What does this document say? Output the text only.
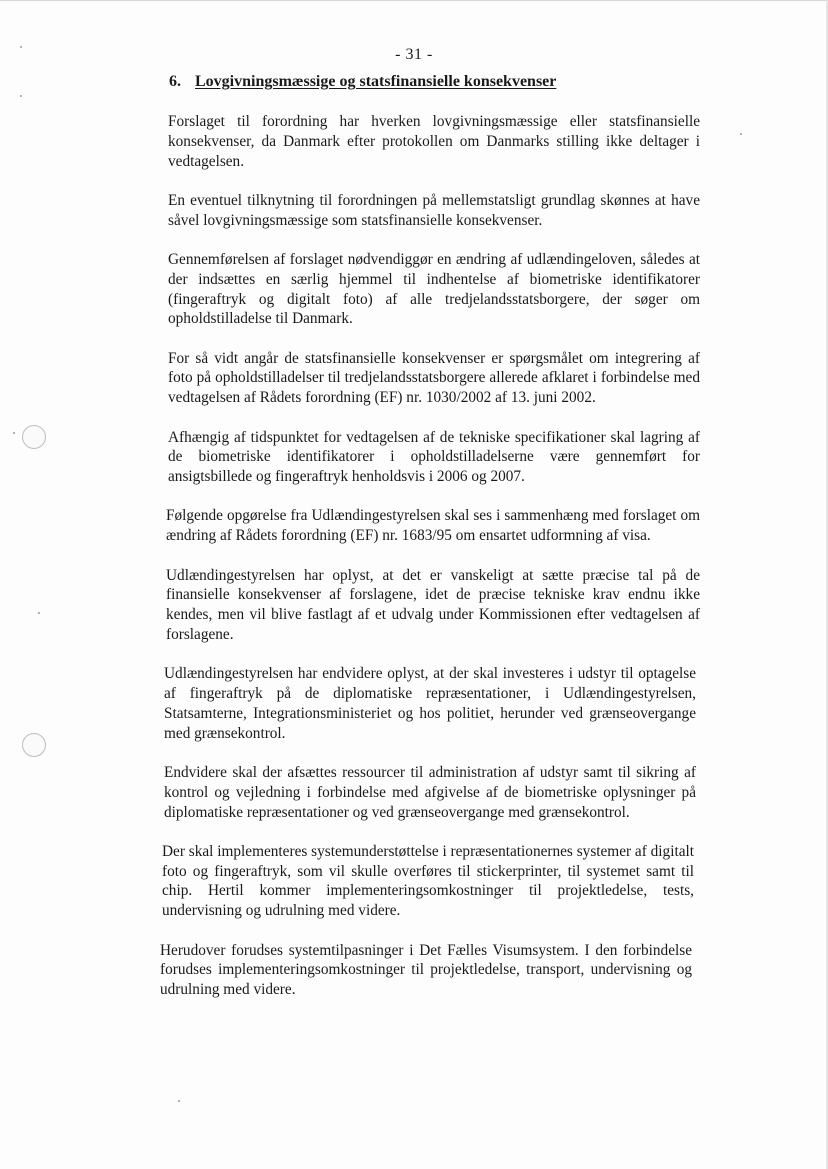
- 31 -
6. Lovgivningsmæssige og statsfinansielle konsekvenser

Forslaget til forordning har hverken lovgivningsmæssige eller statsfinansielle konsekvenser, da Danmark efter protokollen om Danmarks stilling ikke deltager i vedtagelsen.

En eventuel tilknytning til forordningen på mellemstatsligt grundlag skønnes at have såvel lovgivningsmæssige som statsfinansielle konsekvenser.

Gennemførelsen af forslaget nødvendiggør en ændring af udlændingeloven, således at der indsættes en særlig hjemmel til indhentelse af biometriske identifikatorer (fingeraftryk og digitalt foto) af alle tredjelandsstatsborgere, der søger om opholdstilladelse til Danmark.

For så vidt angår de statsfinansielle konsekvenser er spørgsmålet om integrering af foto på opholdstilladelser til tredjelandsstatsborgere allerede afklaret i forbindelse med vedtagelsen af Rådets forordning (EF) nr. 1030/2002 af 13. juni 2002.

Afhængig af tidspunktet for vedtagelsen af de tekniske specifikationer skal lagring af de biometriske identifikatorer i opholdstilladelserne være gennemført for ansigtsbillede og fingeraftryk henholdsvis i 2006 og 2007.

Følgende opgørelse fra Udlændingestyrelsen skal ses i sammenhæng med forslaget om ændring af Rådets forordning (EF) nr. 1683/95 om ensartet udformning af visa.

Udlændingestyrelsen har oplyst, at det er vanskeligt at sætte præcise tal på de finansielle konsekvenser af forslagene, idet de præcise tekniske krav endnu ikke kendes, men vil blive fastlagt af et udvalg under Kommissionen efter vedtagelsen af forslagene.

Udlændingestyrelsen har endvidere oplyst, at der skal investeres i udstyr til optagelse af fingeraftryk på de diplomatiske repræsentationer, i Udlændingestyrelsen, Statsamterne, Integrationsministeriet og hos politiet, herunder ved grænseovergange med grænsekontrol.

Endvidere skal der afsættes ressourcer til administration af udstyr samt til sikring af kontrol og vejledning i forbindelse med afgivelse af de biometriske oplysninger på diplomatiske repræsentationer og ved grænseovergange med grænsekontrol.

Der skal implementeres systemunderstøttelse i repræsentationernes systemer af digitalt foto og fingeraftryk, som vil skulle overføres til stickerprinter, til systemet samt til chip. Hertil kommer implementeringsomkostninger til projektledelse, tests, undervisning og udrulning med videre.

Herudover forudses systemtilpasninger i Det Fælles Visumsystem. I den forbindelse forudses implementeringsomkostninger til projektledelse, transport, undervisning og udrulning med videre.
